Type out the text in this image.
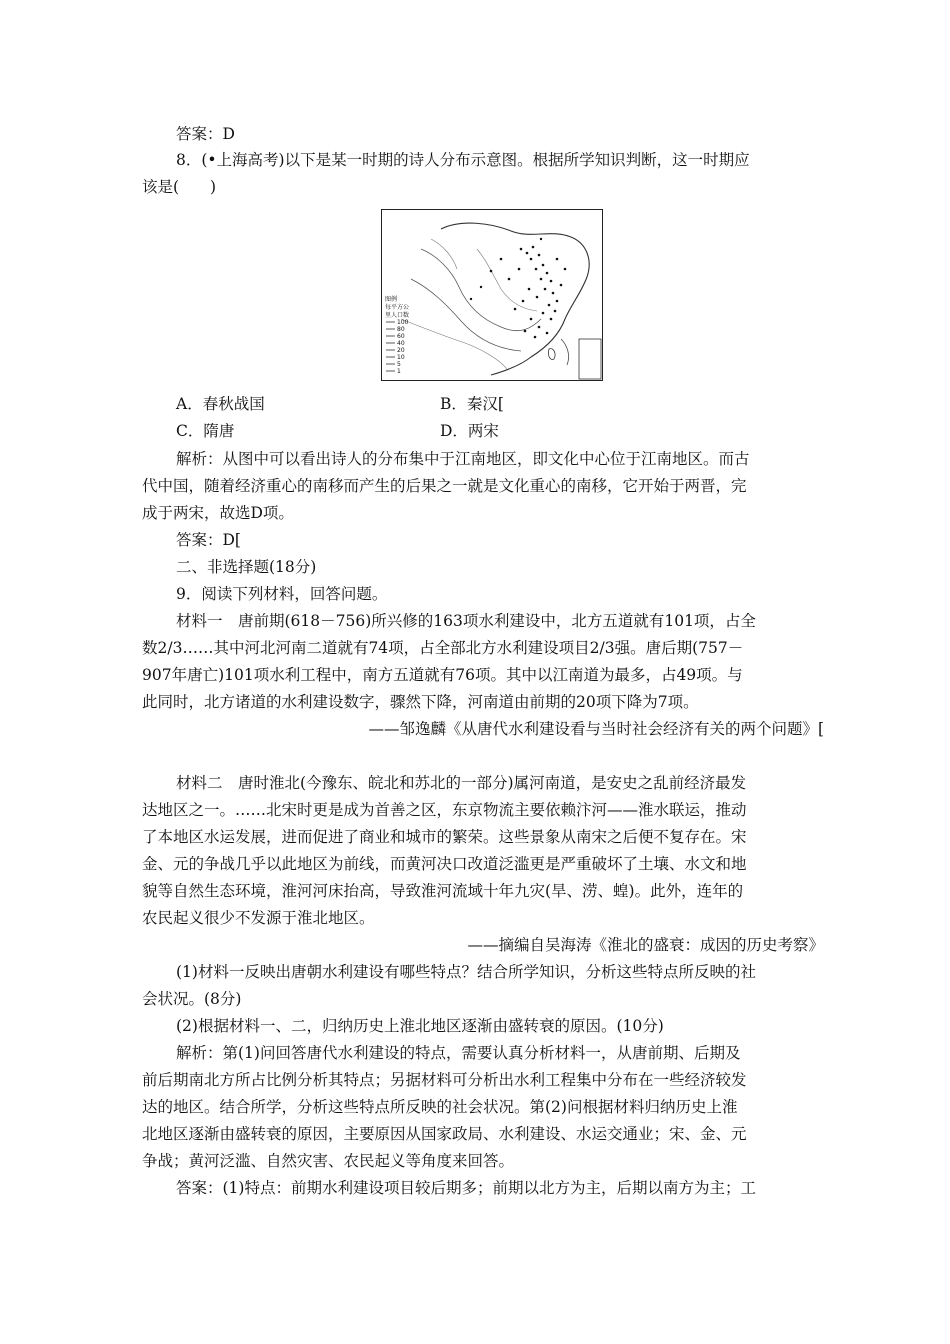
答案：D
8．(•上海高考)以下是某一时期的诗人分布示意图。根据所学知识判断，这一时期应
该是(　　)
图例
每平方公
里人口数
100
80
60
40
20
10
5
1
A．春秋战国	B．秦汉[
C．隋唐	D．两宋
解析：从图中可以看出诗人的分布集中于江南地区，即文化中心位于江南地区。而古
代中国，随着经济重心的南移而产生的后果之一就是文化重心的南移，它开始于两晋，完
成于两宋，故选D项。
答案：D[
二、非选择题(18分)
9．阅读下列材料，回答问题。
材料一　唐前期(618－756)所兴修的163项水利建设中，北方五道就有101项，占全
数2/3……其中河北河南二道就有74项，占全部北方水利建设项目2/3强。唐后期(757－
907年唐亡)101项水利工程中，南方五道就有76项。其中以江南道为最多，占49项。与
此同时，北方诸道的水利建设数字，骤然下降，河南道由前期的20项下降为7项。
——邹逸麟《从唐代水利建设看与当时社会经济有关的两个问题》[
材料二　唐时淮北(今豫东、皖北和苏北的一部分)属河南道，是安史之乱前经济最发
达地区之一。……北宋时更是成为首善之区，东京物流主要依赖汴河——淮水联运，推动
了本地区水运发展，进而促进了商业和城市的繁荣。这些景象从南宋之后便不复存在。宋
金、元的争战几乎以此地区为前线，而黄河决口改道泛滥更是严重破坏了土壤、水文和地
貌等自然生态环境，淮河河床抬高，导致淮河流域十年九灾(旱、涝、蝗)。此外，连年的
农民起义很少不发源于淮北地区。
——摘编自吴海涛《淮北的盛衰：成因的历史考察》
(1)材料一反映出唐朝水利建设有哪些特点？结合所学知识，分析这些特点所反映的社
会状况。(8分)
(2)根据材料一、二，归纳历史上淮北地区逐渐由盛转衰的原因。(10分)
解析：第(1)问回答唐代水利建设的特点，需要认真分析材料一，从唐前期、后期及
前后期南北方所占比例分析其特点；另据材料可分析出水利工程集中分布在一些经济较发
达的地区。结合所学，分析这些特点所反映的社会状况。第(2)问根据材料归纳历史上淮
北地区逐渐由盛转衰的原因，主要原因从国家政局、水利建设、水运交通业；宋、金、元
争战；黄河泛滥、自然灾害、农民起义等角度来回答。
答案：(1)特点：前期水利建设项目较后期多；前期以北方为主，后期以南方为主；工
